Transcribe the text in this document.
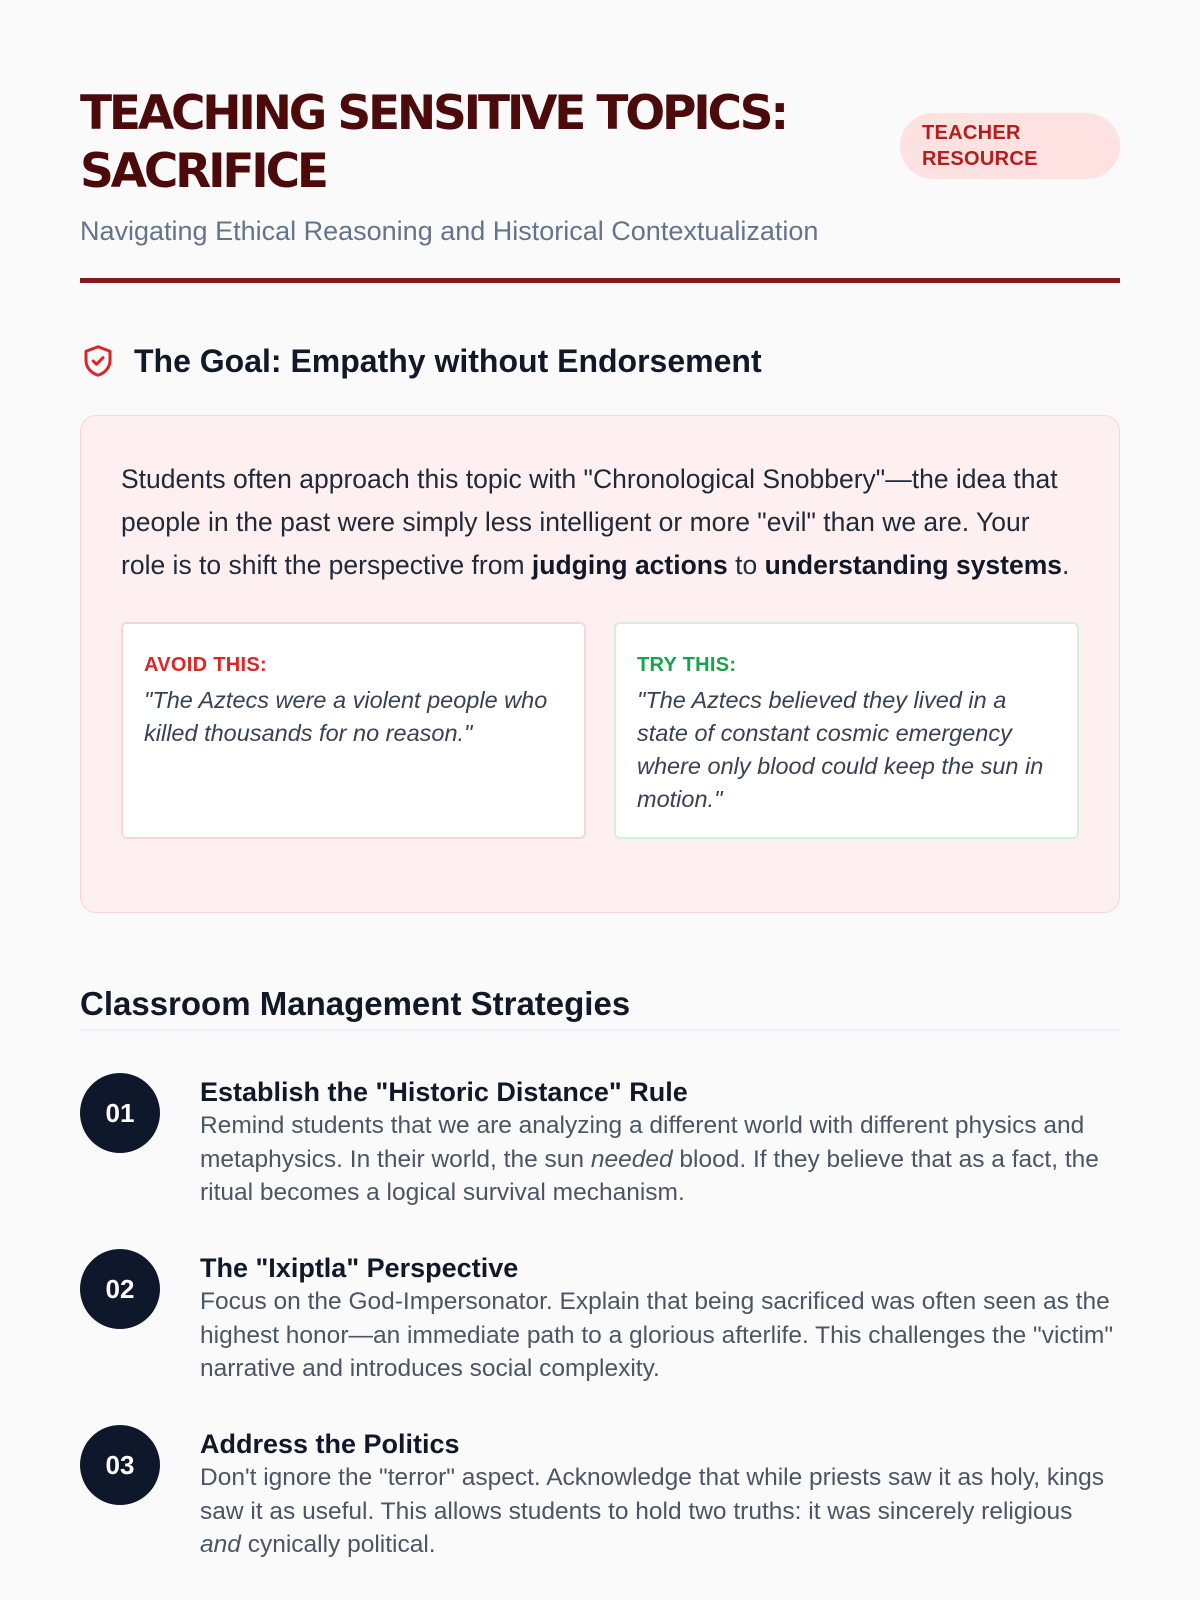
TEACHING SENSITIVE TOPICS: SACRIFICE
Navigating Ethical Reasoning and Historical Contextualization
TEACHER RESOURCE
The Goal: Empathy without Endorsement

Students often approach this topic with "Chronological Snobbery"—the idea that people in the past were simply less intelligent or more "evil" than we are. Your role is to shift the perspective from judging actions to understanding systems.

AVOID THIS:
"The Aztecs were a violent people who killed thousands for no reason."
TRY THIS:
"The Aztecs believed they lived in a state of constant cosmic emergency where only blood could keep the sun in motion."
Classroom Management Strategies
01
Establish the "Historic Distance" Rule

Remind students that we are analyzing a different world with different physics and metaphysics. In their world, the sun needed blood. If they believe that as a fact, the ritual becomes a logical survival mechanism.

02
The "Ixiptla" Perspective

Focus on the God-Impersonator. Explain that being sacrificed was often seen as the highest honor—an immediate path to a glorious afterlife. This challenges the "victim" narrative and introduces social complexity.

03
Address the Politics

Don't ignore the "terror" aspect. Acknowledge that while priests saw it as holy, kings saw it as useful. This allows students to hold two truths: it was sincerely religious and cynically political.
